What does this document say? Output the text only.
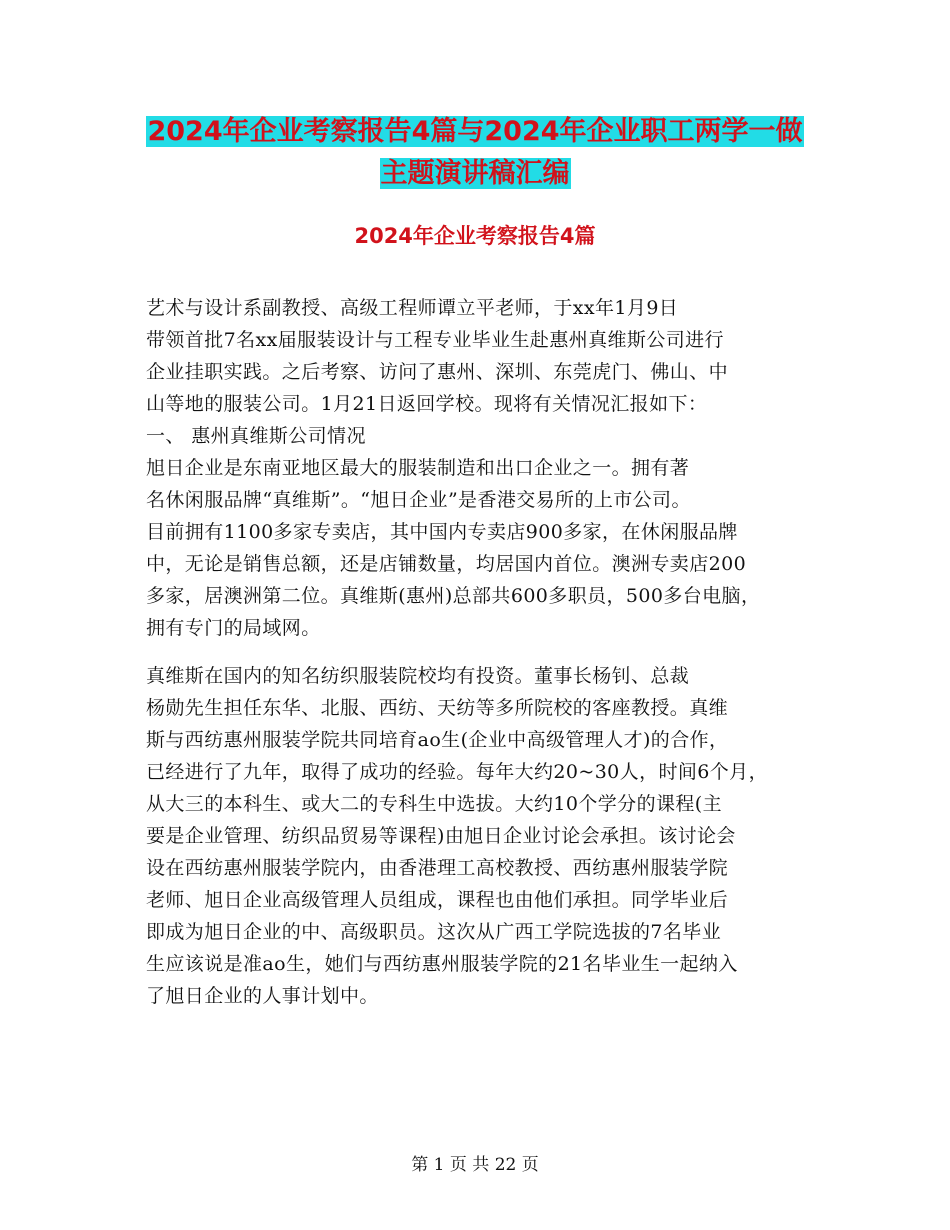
2024年企业考察报告4篇与2024年企业职工两学一做
主题演讲稿汇编
2024年企业考察报告4篇
艺术与设计系副教授、高级工程师谭立平老师，于xx年1月9日
带领首批7名xx届服装设计与工程专业毕业生赴惠州真维斯公司进行
企业挂职实践。之后考察、访问了惠州、深圳、东莞虎门、佛山、中
山等地的服装公司。1月21日返回学校。现将有关情况汇报如下：
一、 惠州真维斯公司情况
旭日企业是东南亚地区最大的服装制造和出口企业之一。拥有著
名休闲服品牌“真维斯”。“旭日企业”是香港交易所的上市公司。
目前拥有1100多家专卖店，其中国内专卖店900多家，在休闲服品牌
中，无论是销售总额，还是店铺数量，均居国内首位。澳洲专卖店200
多家，居澳洲第二位。真维斯(惠州)总部共600多职员，500多台电脑，
拥有专门的局域网。
真维斯在国内的知名纺织服装院校均有投资。董事长杨钊、总裁
杨勋先生担任东华、北服、西纺、天纺等多所院校的客座教授。真维
斯与西纺惠州服装学院共同培育ao生(企业中高级管理人才)的合作，
已经进行了九年，取得了成功的经验。每年大约20~30人，时间6个月，
从大三的本科生、或大二的专科生中选拔。大约10个学分的课程(主
要是企业管理、纺织品贸易等课程)由旭日企业讨论会承担。该讨论会
设在西纺惠州服装学院内，由香港理工高校教授、西纺惠州服装学院
老师、旭日企业高级管理人员组成，课程也由他们承担。同学毕业后
即成为旭日企业的中、高级职员。这次从广西工学院选拔的7名毕业
生应该说是准ao生，她们与西纺惠州服装学院的21名毕业生一起纳入
了旭日企业的人事计划中。
第 1 页 共 22 页
